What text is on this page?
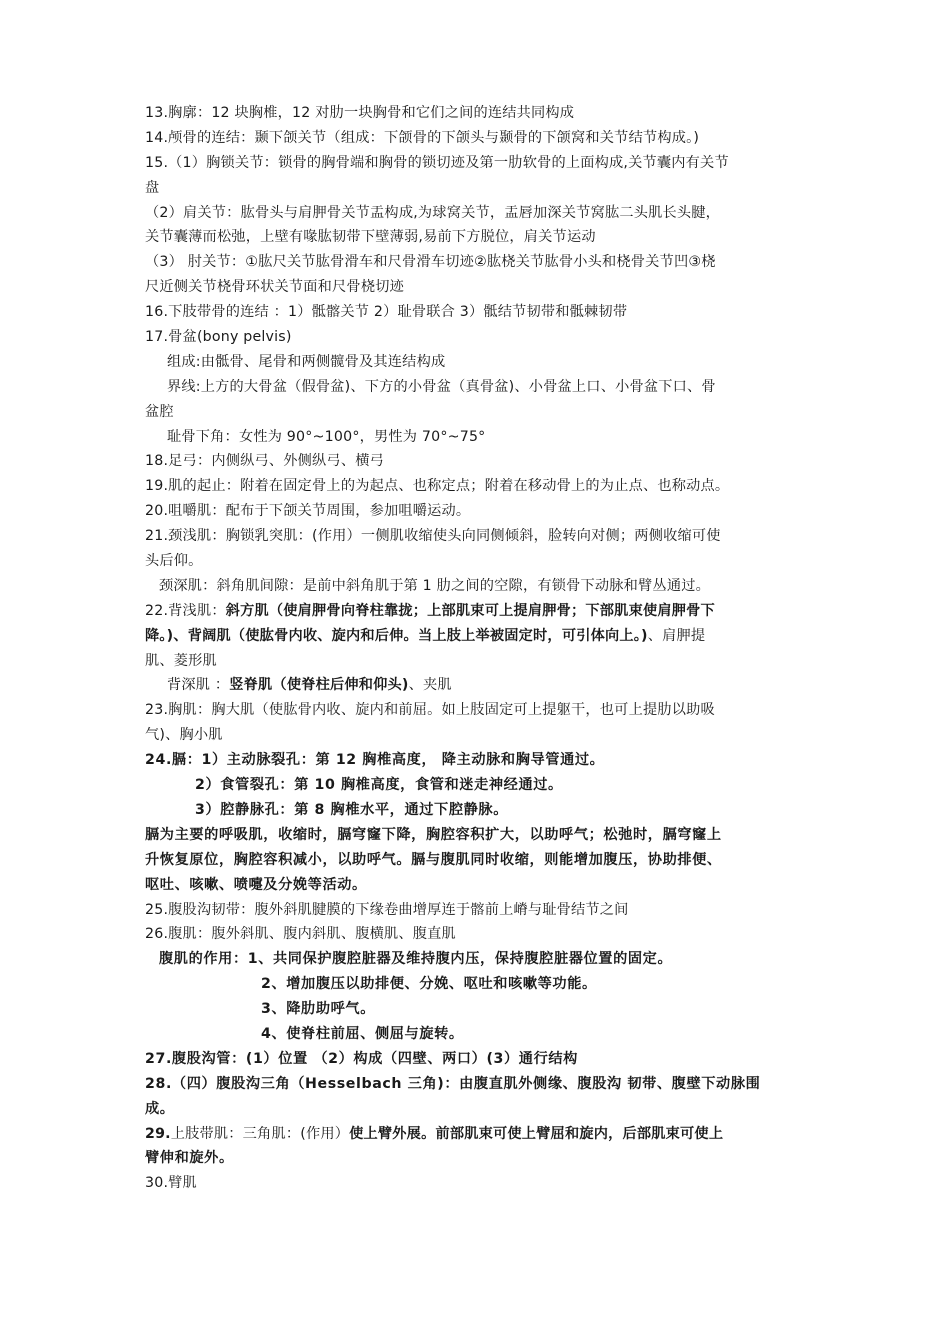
13.胸廓：12 块胸椎，12 对肋一块胸骨和它们之间的连结共同构成
14.颅骨的连结：颞下颌关节（组成：下颌骨的下颌头与颞骨的下颌窝和关节结节构成。)
15.（1）胸锁关节：锁骨的胸骨端和胸骨的锁切迹及第一肋软骨的上面构成,关节囊内有关节
盘
（2）肩关节：肱骨头与肩胛骨关节盂构成,为球窝关节，盂唇加深关节窝肱二头肌长头腱，
关节囊薄而松弛，上壁有喙肱韧带下壁薄弱,易前下方脱位，肩关节运动
（3） 肘关节：①肱尺关节肱骨滑车和尺骨滑车切迹②肱桡关节肱骨小头和桡骨关节凹③桡
尺近侧关节桡骨环状关节面和尺骨桡切迹
16.下肢带骨的连结 ：1）骶髂关节 2）耻骨联合 3）骶结节韧带和骶棘韧带
17.骨盆(bony pelvis)
组成:由骶骨、尾骨和两侧髋骨及其连结构成
界线:上方的大骨盆（假骨盆)、下方的小骨盆（真骨盆)、小骨盆上口、小骨盆下口、骨
盆腔
耻骨下角：女性为 90°~100°，男性为 70°~75°
18.足弓：内侧纵弓、外侧纵弓、横弓
19.肌的起止：附着在固定骨上的为起点、也称定点；附着在移动骨上的为止点、也称动点。
20.咀嚼肌：配布于下颌关节周围，参加咀嚼运动。
21.颈浅肌：胸锁乳突肌：(作用）一侧肌收缩使头向同侧倾斜，脸转向对侧；两侧收缩可使
头后仰。
颈深肌：斜角肌间隙：是前中斜角肌于第 1 肋之间的空隙，有锁骨下动脉和臂丛通过。
22.背浅肌：斜方肌（使肩胛骨向脊柱靠拢；上部肌束可上提肩胛骨；下部肌束使肩胛骨下
降。)、背阔肌（使肱骨内收、旋内和后伸。当上肢上举被固定时，可引体向上。)、肩胛提
肌、菱形肌
背深肌 ：竖脊肌（使脊柱后伸和仰头)、夹肌
23.胸肌：胸大肌（使肱骨内收、旋内和前屈。如上肢固定可上提躯干，也可上提肋以助吸
气)、胸小肌
24.膈：1）主动脉裂孔：第 12 胸椎高度， 降主动脉和胸导管通过。
2）食管裂孔：第 10 胸椎高度，食管和迷走神经通过。
3）腔静脉孔：第 8 胸椎水平，通过下腔静脉。
膈为主要的呼吸肌，收缩时，膈穹窿下降，胸腔容积扩大，以助呼气；松弛时，膈穹窿上
升恢复原位，胸腔容积减小，以助呼气。膈与腹肌同时收缩，则能增加腹压，协助排便、
呕吐、咳嗽、喷嚏及分娩等活动。
25.腹股沟韧带：腹外斜肌腱膜的下缘卷曲增厚连于髂前上嵴与耻骨结节之间
26.腹肌：腹外斜肌、腹内斜肌、腹横肌、腹直肌
腹肌的作用：1、共同保护腹腔脏器及维持腹内压，保持腹腔脏器位置的固定。
2、增加腹压以助排便、分娩、呕吐和咳嗽等功能。
3、降肋助呼气。
4、使脊柱前屈、侧屈与旋转。
27.腹股沟管：(1）位置 （2）构成（四壁、两口）(3）通行结构
28.（四）腹股沟三角（Hesselbach 三角)：由腹直肌外侧缘、腹股沟 韧带、腹壁下动脉围
成。
29.上肢带肌：三角肌：(作用）使上臂外展。前部肌束可使上臂屈和旋内，后部肌束可使上
臂伸和旋外。
30.臂肌
